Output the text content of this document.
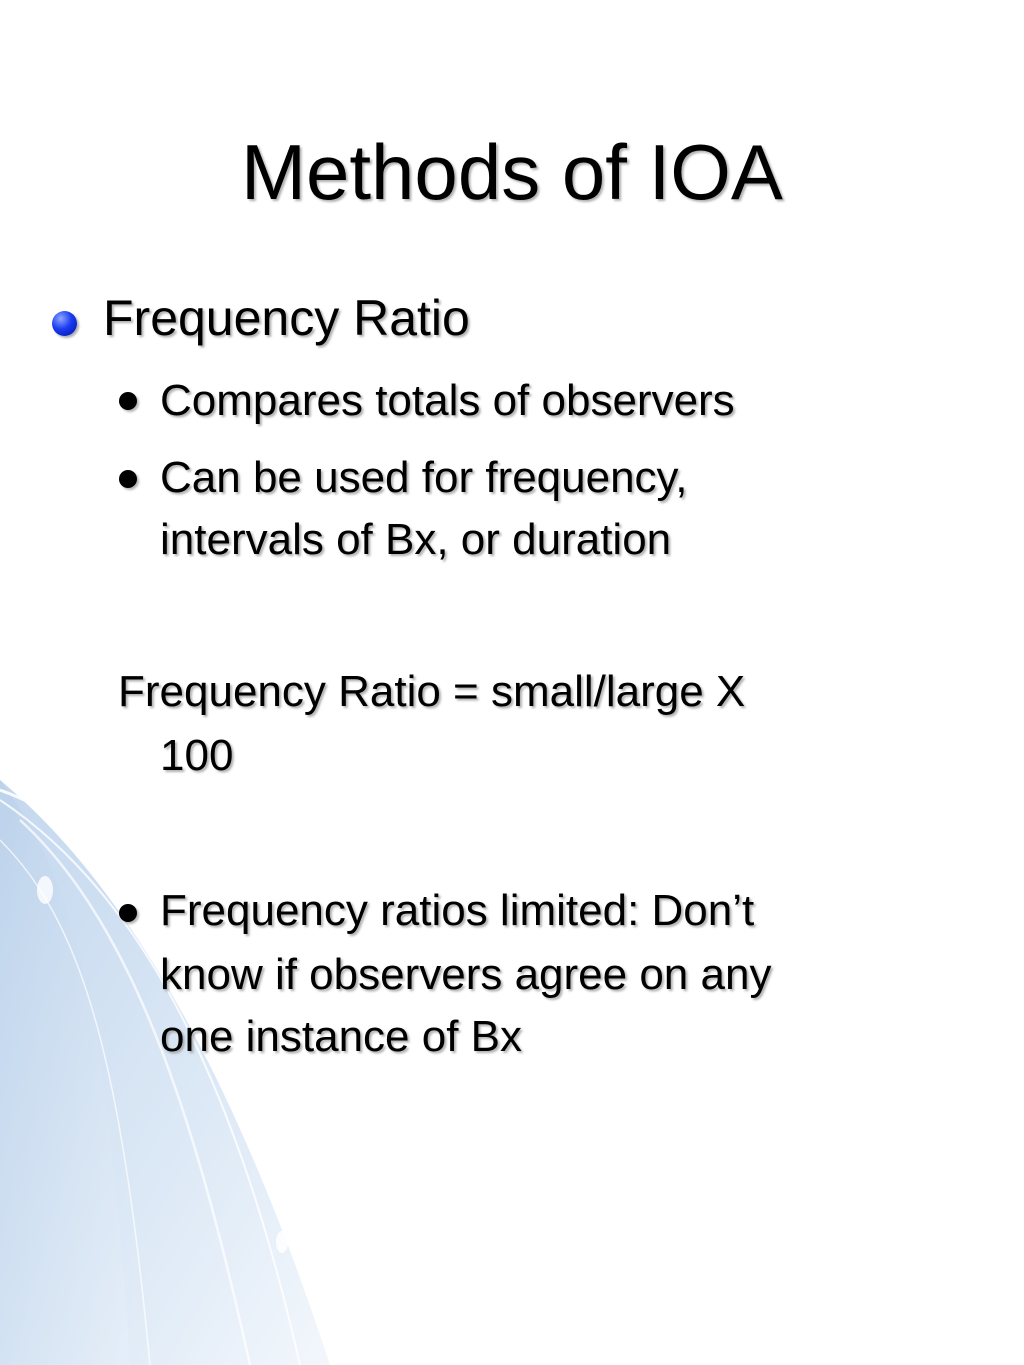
Methods of IOA
Frequency Ratio
Compares totals of observers
Can be used for frequency,
intervals of Bx, or duration
Frequency Ratio = small/large X
100
Frequency ratios limited: Don’t
know if observers agree on any
one instance of Bx
